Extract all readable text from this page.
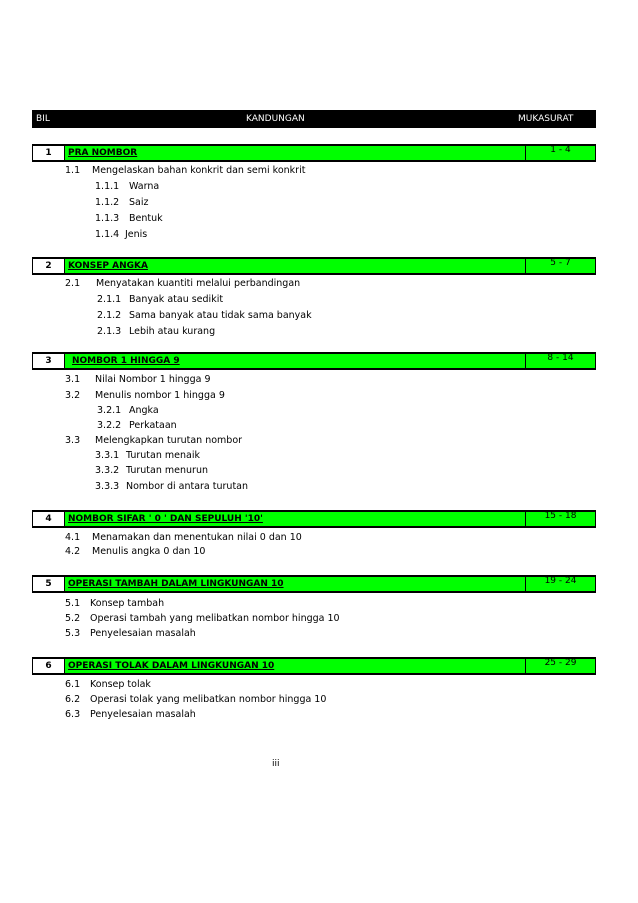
BIL	KANDUNGAN	MUKASURAT
1	PRA NOMBOR	1 - 4
1.1 Mengelaskan bahan konkrit dan semi konkrit
1.1.1 Warna
1.1.2 Saiz
1.1.3 Bentuk
1.1.4 Jenis
2	KONSEP ANGKA	5 - 7
2.1 Menyatakan kuantiti melalui perbandingan
2.1.1 Banyak atau sedikit
2.1.2 Sama banyak atau tidak sama banyak
2.1.3 Lebih atau kurang
3	NOMBOR 1 HINGGA 9	8 - 14
3.1 Nilai Nombor 1 hingga 9
3.2 Menulis nombor 1 hingga 9
3.2.1 Angka
3.2.2 Perkataan
3.3 Melengkapkan turutan nombor
3.3.1 Turutan menaik
3.3.2 Turutan menurun
3.3.3 Nombor di antara turutan
4	NOMBOR SIFAR ' 0 ' DAN SEPULUH '10'	15 - 18
4.1 Menamakan dan menentukan nilai 0 dan 10
4.2 Menulis angka 0 dan 10
5	OPERASI TAMBAH DALAM LINGKUNGAN 10	19 - 24
5.1 Konsep tambah
5.2 Operasi tambah yang melibatkan nombor hingga 10
5.3 Penyelesaian masalah
6	OPERASI TOLAK DALAM LINGKUNGAN 10	25 - 29
6.1 Konsep tolak
6.2 Operasi tolak yang melibatkan nombor hingga 10
6.3 Penyelesaian masalah
iii
